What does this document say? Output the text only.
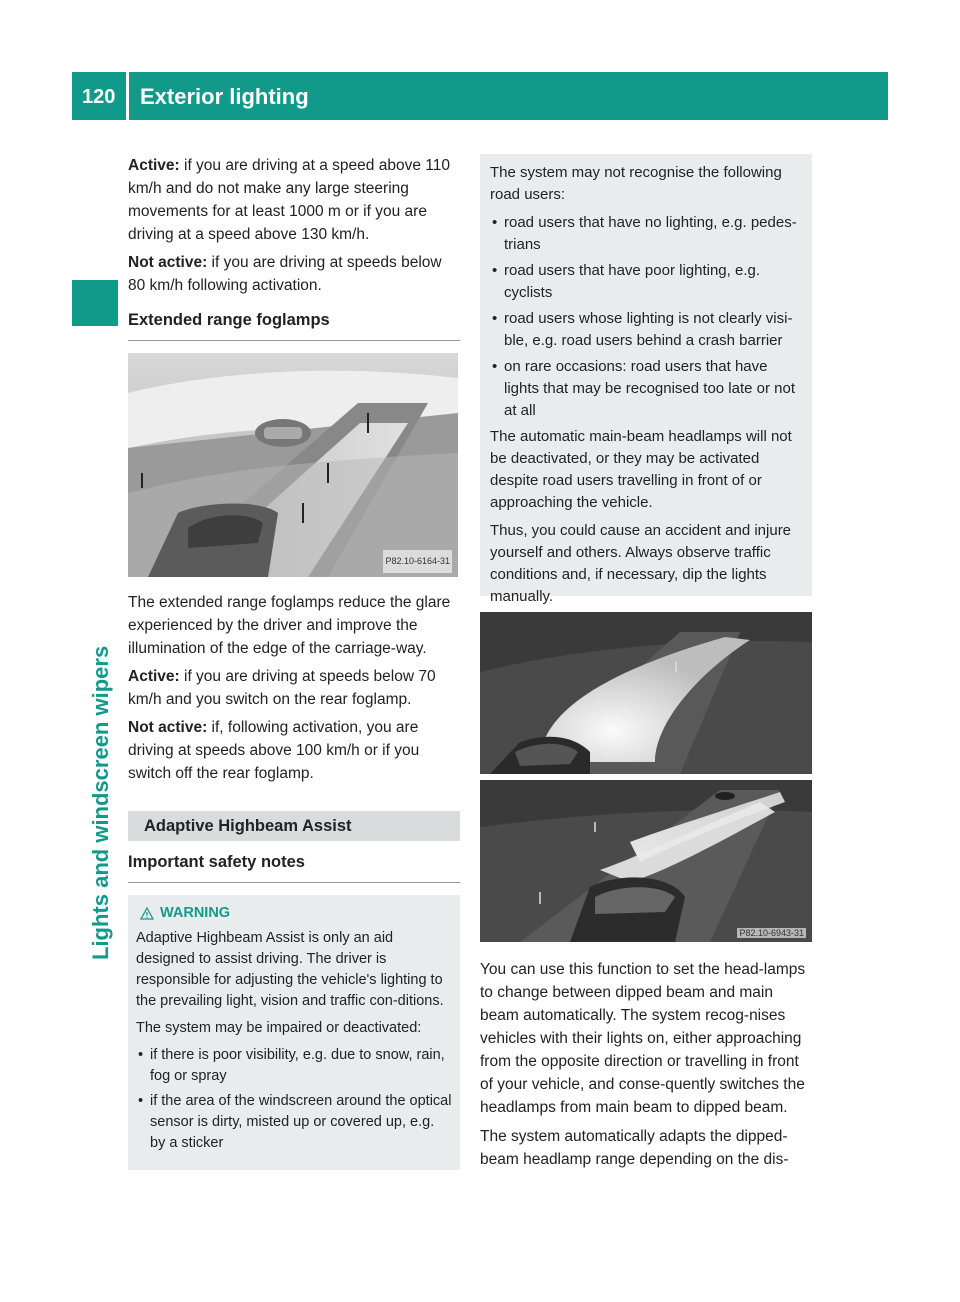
120 Exterior lighting
Lights and windscreen wipers

Active: if you are driving at a speed above 110 km/h and do not make any large steering movements for at least 1000 m or if you are driving at a speed above 130 km/h.

Not active: if you are driving at speeds below 80 km/h following activation.

Extended range foglamps
P82.10-6164-31

The extended range foglamps reduce the glare experienced by the driver and improve the illumination of the edge of the carriage-way.

Active: if you are driving at speeds below 70 km/h and you switch on the rear foglamp.

Not active: if, following activation, you are driving at speeds above 100 km/h or if you switch off the rear foglamp.

Adaptive Highbeam Assist
Important safety notes
WARNING

Adaptive Highbeam Assist is only an aid designed to assist driving. The driver is responsible for adjusting the vehicle's lighting to the prevailing light, vision and traffic con-ditions.

The system may be impaired or deactivated:

• if there is poor visibility, e.g. due to snow, rain, fog or spray
• if the area of the windscreen around the optical sensor is dirty, misted up or covered up, e.g. by a sticker

The system may not recognise the following road users:

• road users that have no lighting, e.g. pedes-trians
• road users that have poor lighting, e.g. cyclists
• road users whose lighting is not clearly visi-ble, e.g. road users behind a crash barrier
• on rare occasions: road users that have lights that may be recognised too late or not at all

The automatic main-beam headlamps will not be deactivated, or they may be activated despite road users travelling in front of or approaching the vehicle.

Thus, you could cause an accident and injure yourself and others. Always observe traffic conditions and, if necessary, dip the lights manually.

P82.10-6943-31

You can use this function to set the head-lamps to change between dipped beam and main beam automatically. The system recog-nises vehicles with their lights on, either approaching from the opposite direction or travelling in front of your vehicle, and conse-quently switches the headlamps from main beam to dipped beam.

The system automatically adapts the dipped-beam headlamp range depending on the dis-
